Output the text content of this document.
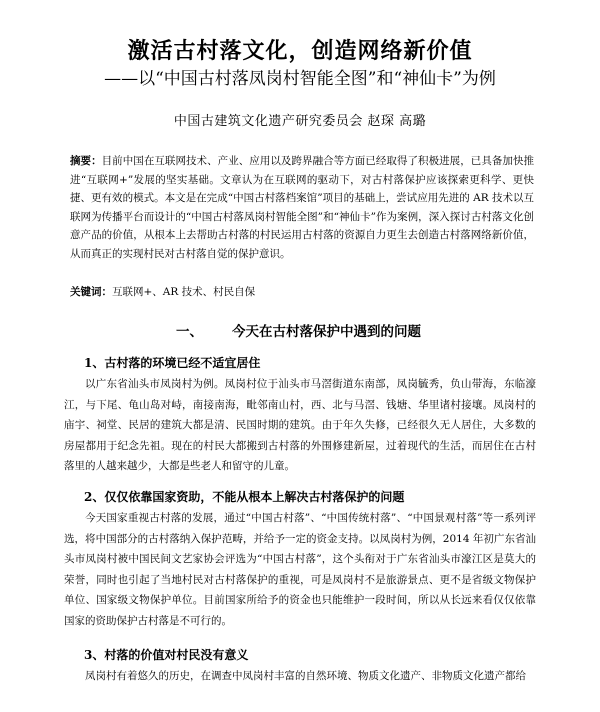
激活古村落文化，创造网络新价值
——以“中国古村落凤岗村智能全图”和“神仙卡”为例
中国古建筑文化遗产研究委员会 赵琛 高璐
摘要：目前中国在互联网技术、产业、应用以及跨界融合等方面已经取得了积极进展，已具备加快推进“互联网+”发展的坚实基础。文章认为在互联网的驱动下，对古村落保护应该探索更科学、更快捷、更有效的模式。本文是在完成“中国古村落档案馆”项目的基础上，尝试应用先进的 AR 技术以互联网为传播平台而设计的“中国古村落凤岗村智能全图”和“神仙卡”作为案例，深入探讨古村落文化创意产品的价值，从根本上去帮助古村落的村民运用古村落的资源自力更生去创造古村落网络新价值，从而真正的实现村民对古村落自觉的保护意识。
关键词：互联网+、AR 技术、村民自保
一、 今天在古村落保护中遇到的问题
1、古村落的环境已经不适宜居住
以广东省汕头市凤岗村为例。凤岗村位于汕头市马滘街道东南部，凤岗毓秀，负山带海，东临濠江，与下尾、龟山岛对峙，南接南海，毗邻南山村，西、北与马滘、钱塘、华里诸村接壤。凤岗村的庙宇、祠堂、民居的建筑大都是清、民国时期的建筑。由于年久失修，已经很久无人居住，大多数的房屋都用于纪念先祖。现在的村民大都搬到古村落的外围修建新屋，过着现代的生活，而居住在古村落里的人越来越少，大都是些老人和留守的儿童。
2、仅仅依靠国家资助，不能从根本上解决古村落保护的问题
今天国家重视古村落的发展，通过“中国古村落”、“中国传统村落”、“中国景观村落”等一系列评选，将中国部分的古村落纳入保护范畴，并给予一定的资金支持。以凤岗村为例，2014 年初广东省汕头市凤岗村被中国民间文艺家协会评选为“中国古村落”，这个头衔对于广东省汕头市濠江区是莫大的荣誉，同时也引起了当地村民对古村落保护的重视，可是凤岗村不是旅游景点、更不是省级文物保护单位、国家级文物保护单位。目前国家所给予的资金也只能维护一段时间，所以从长远来看仅仅依靠国家的资助保护古村落是不可行的。
3、村落的价值对村民没有意义
凤岗村有着悠久的历史，在调查中凤岗村丰富的自然环境、物质文化遗产、非物质文化遗产都给
